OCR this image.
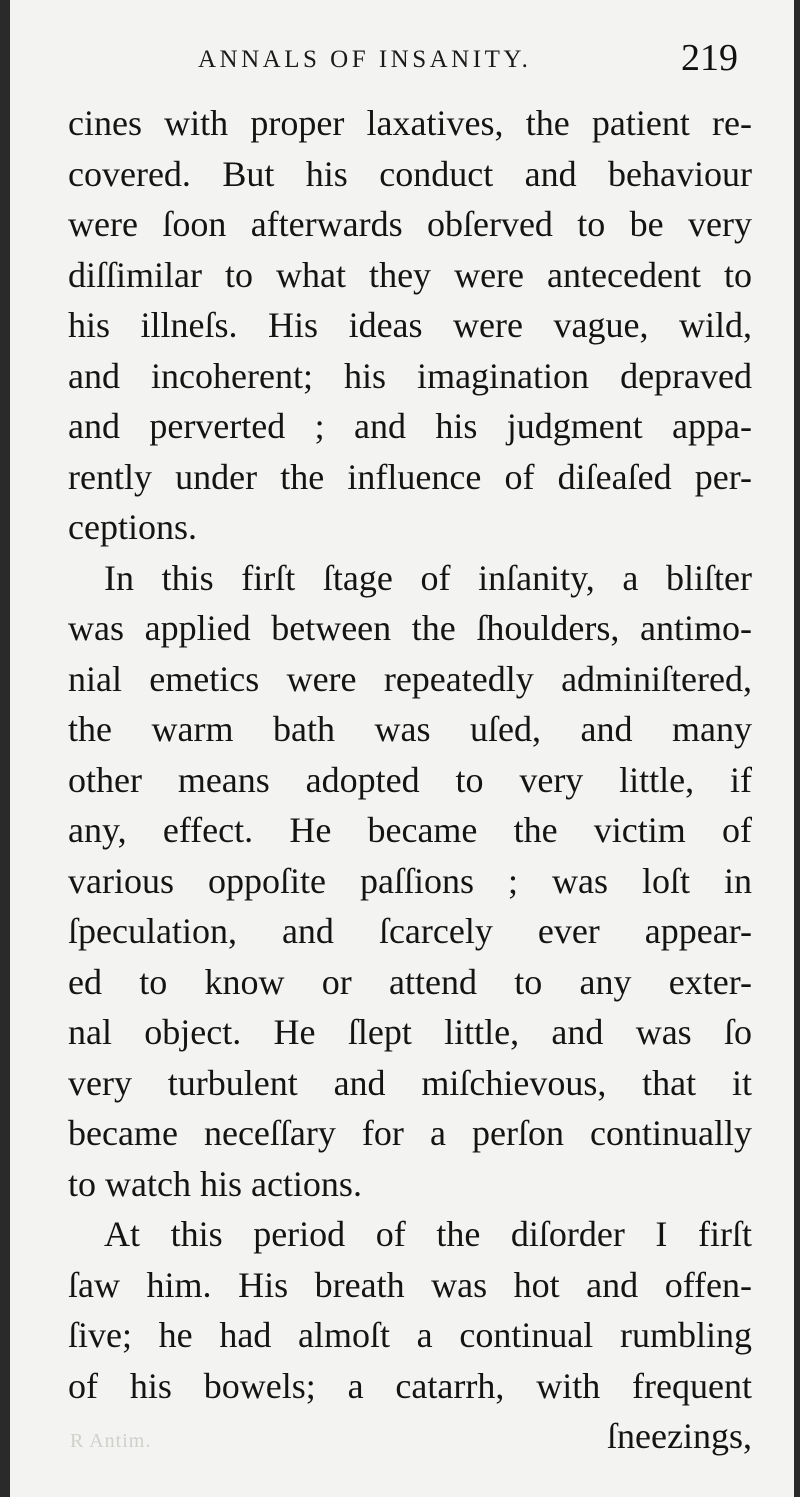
ANNALS OF INSANITY.	219
cines with proper laxatives, the patient re-
covered. But his conduct and behaviour
were ſoon afterwards obſerved to be very
diſſimilar to what they were antecedent to
his illneſs. His ideas were vague, wild,
and incoherent; his imagination depraved
and perverted ; and his judgment appa-
rently under the influence of diſeaſed per-
ceptions.
In this firſt ſtage of inſanity, a bliſter
was applied between the ſhoulders, antimo-
nial emetics were repeatedly adminiſtered,
the warm bath was uſed, and many
other means adopted to very little, if
any, effect. He became the victim of
various oppoſite paſſions ; was loſt in
ſpeculation, and ſcarcely ever appear-
ed to know or attend to any exter-
nal object. He ſlept little, and was ſo
very turbulent and miſchievous, that it
became neceſſary for a perſon continually
to watch his actions.
At this period of the diſorder I firſt
ſaw him. His breath was hot and offen-
ſive; he had almoſt a continual rumbling
of his bowels; a catarrh, with frequent
ſneezings,
R Antim.
